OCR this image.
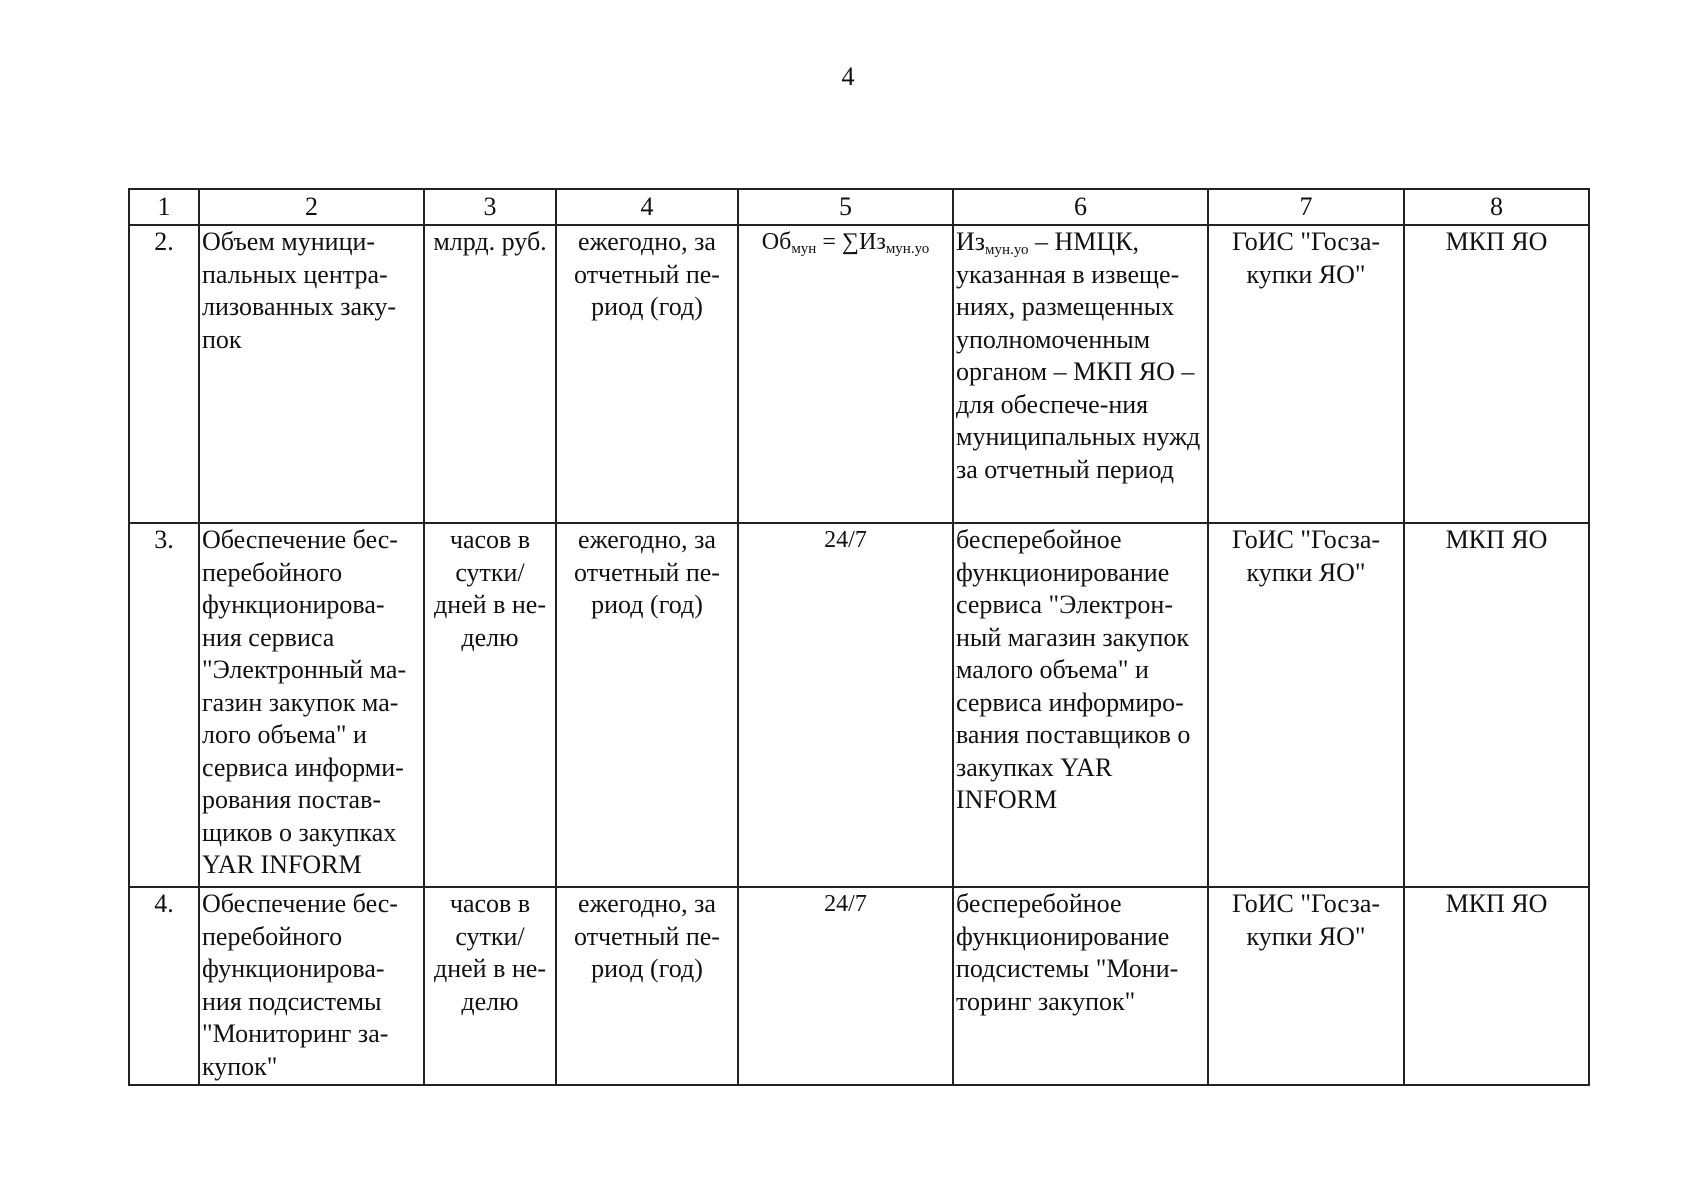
4
1	2	3	4	5	6	7	8
2.	Объем муници-пальных центра-лизованных заку-пок	млрд. руб.	ежегодно, за отчетный пе-риод (год)	$Об_{мун} = \sum Из_{мун.уо}$	$Из_{мун.уо}$ – НМЦК, указанная в извеще-ниях, размещенных уполномоченным органом – МКП ЯО – для обеспече-ния муниципальных нужд за отчетный период	ГоИС "Госза-купки ЯО"	МКП ЯО
3.	Обеспечение бес-перебойного функционирова-ния сервиса "Электронный ма-газин закупок ма-лого объема" и сервиса информи-рования постав-щиков о закупках YAR INFORM	часов в сутки/ дней в не-делю	ежегодно, за отчетный пе-риод (год)	24/7	бесперебойное функционирование сервиса "Электрон-ный магазин закупок малого объема" и сервиса информиро-вания поставщиков о закупках YAR INFORM	ГоИС "Госза-купки ЯО"	МКП ЯО
4.	Обеспечение бес-перебойного функционирова-ния подсистемы "Мониторинг за-купок"	часов в сутки/ дней в не-делю	ежегодно, за отчетный пе-риод (год)	24/7	бесперебойное функционирование подсистемы "Мони-торинг закупок"	ГоИС "Госза-купки ЯО"	МКП ЯО
